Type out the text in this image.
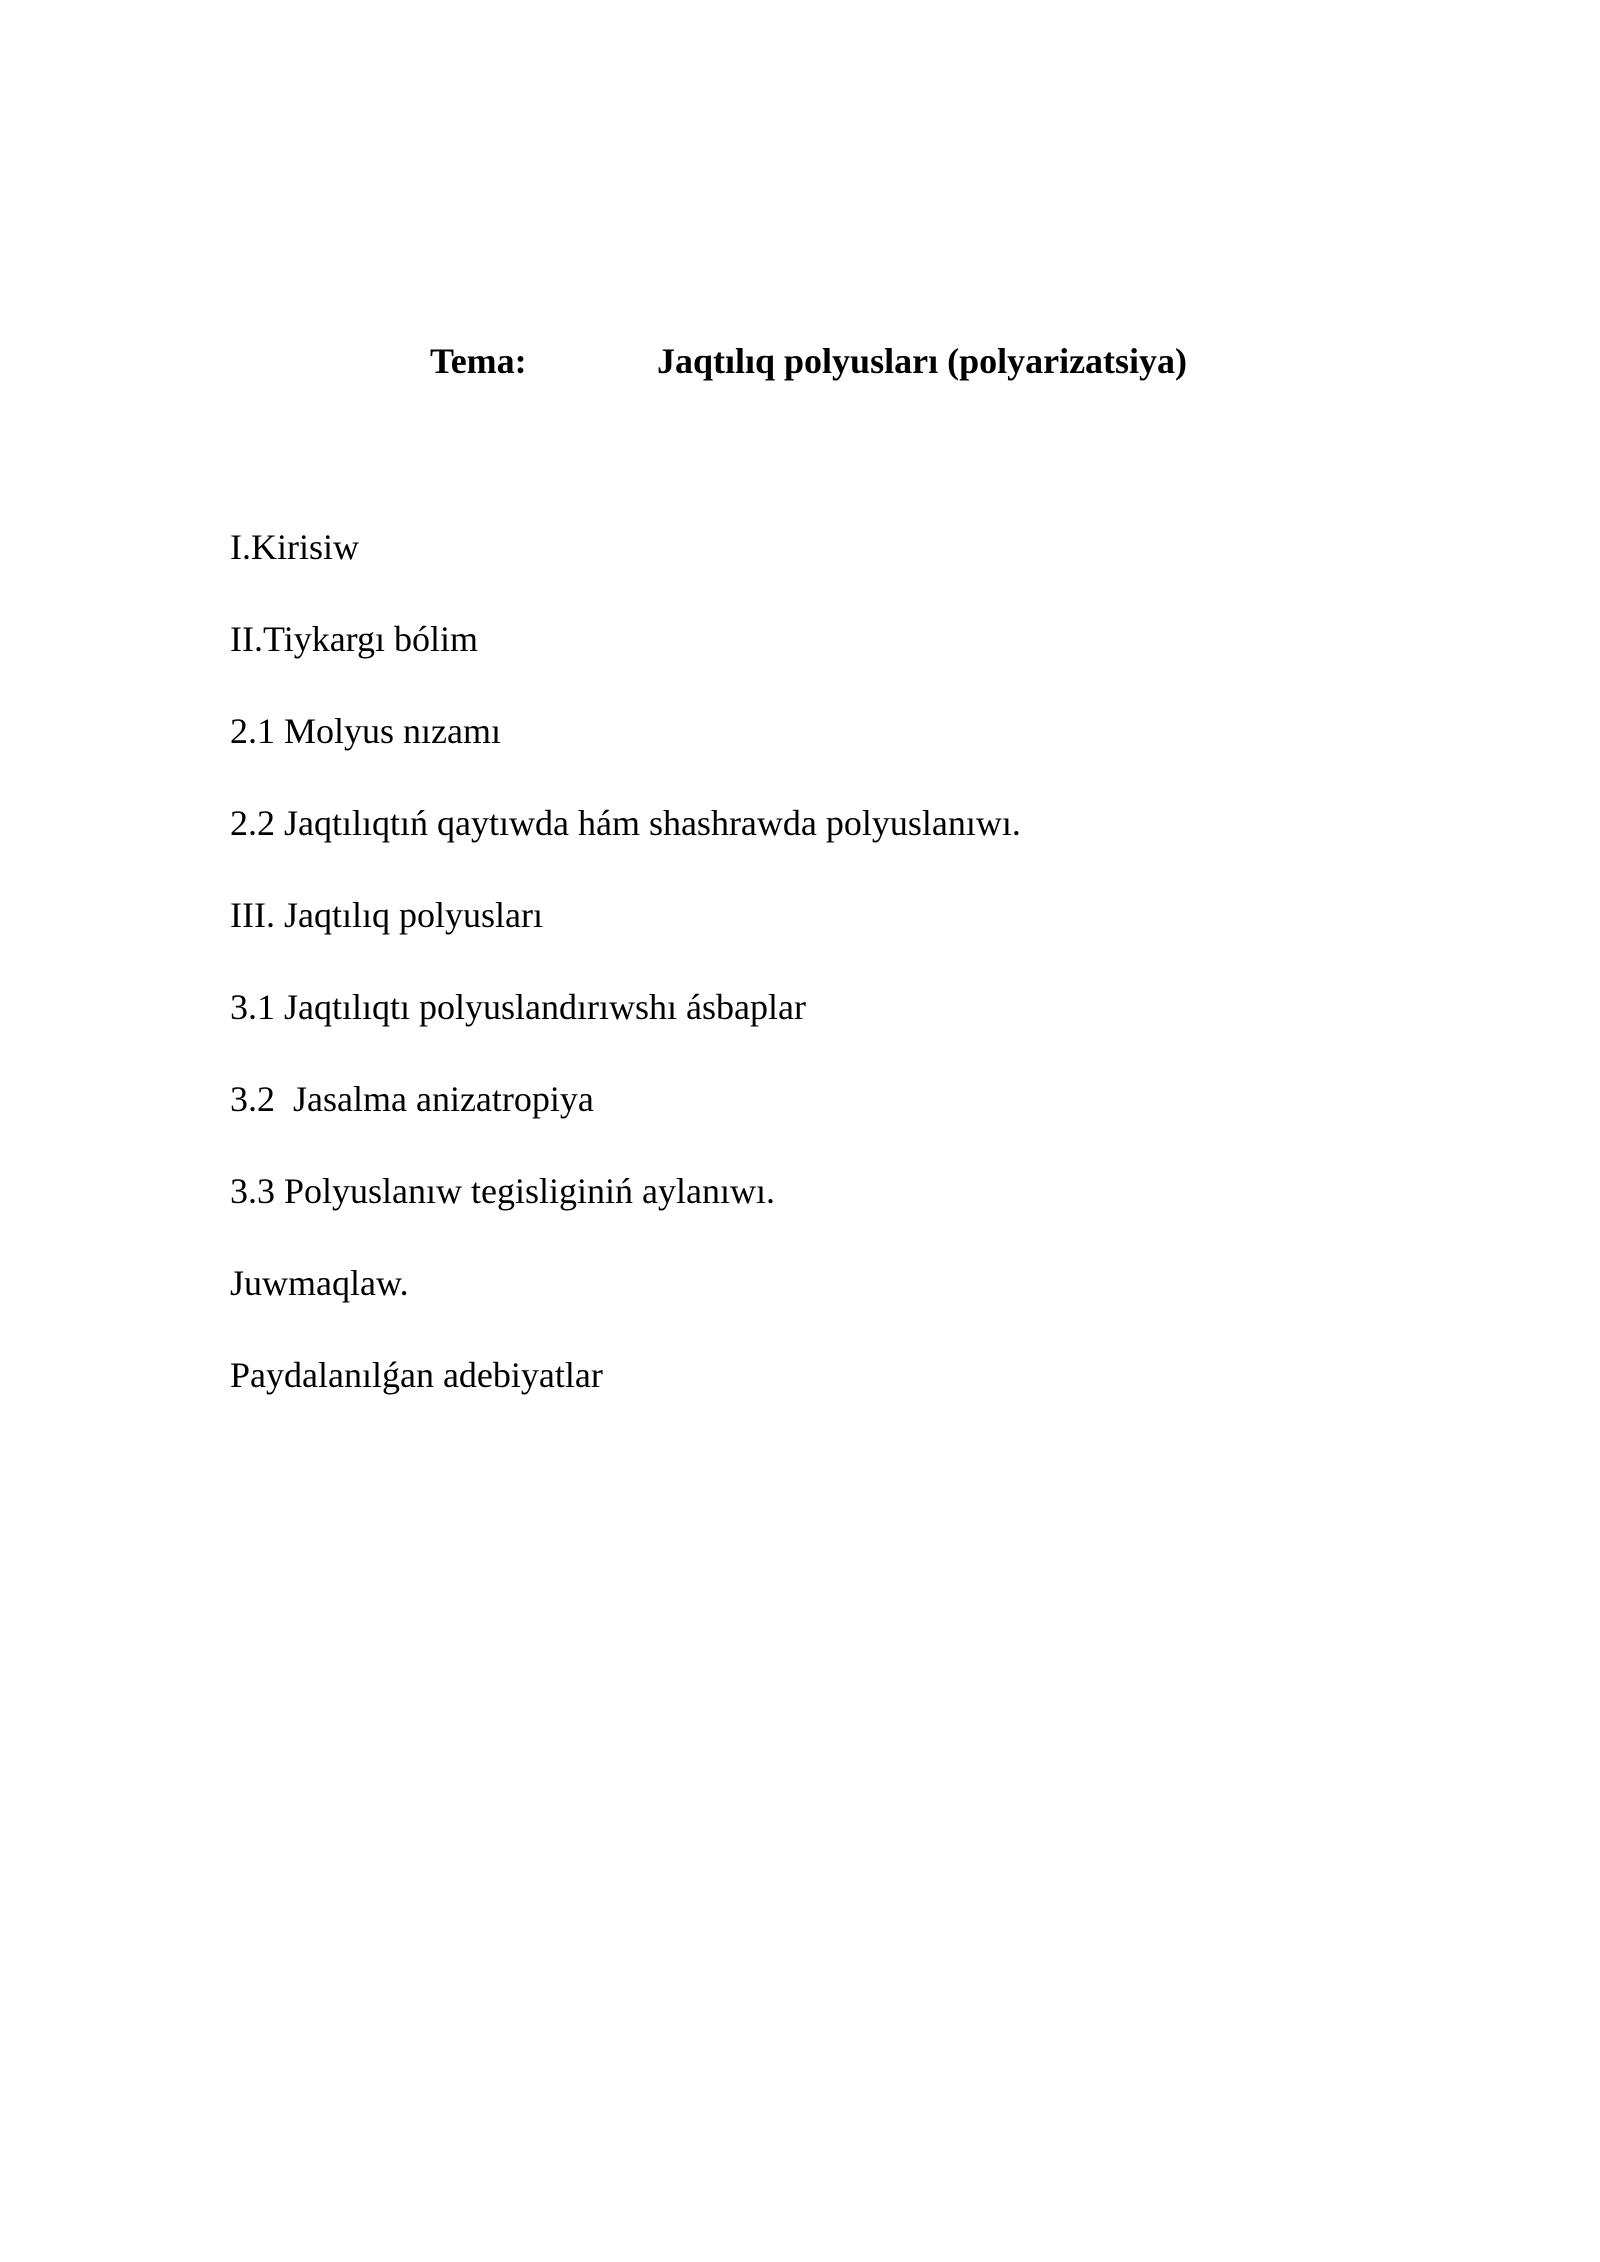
Tema:	Jaqtılıq polyusları (polyarizatsiya)
I.Kirisiw
II.Tiykargı bólim
2.1 Molyus nızamı
2.2 Jaqtılıqtıń qaytıwda hám shashrawda polyuslanıwı.
III. Jaqtılıq polyusları
3.1 Jaqtılıqtı polyuslandırıwshı ásbaplar
3.2  Jasalma anizatropiya
3.3 Polyuslanıw tegisliginiń aylanıwı.
Juwmaqlaw.
Paydalanılǵan adebiyatlar
